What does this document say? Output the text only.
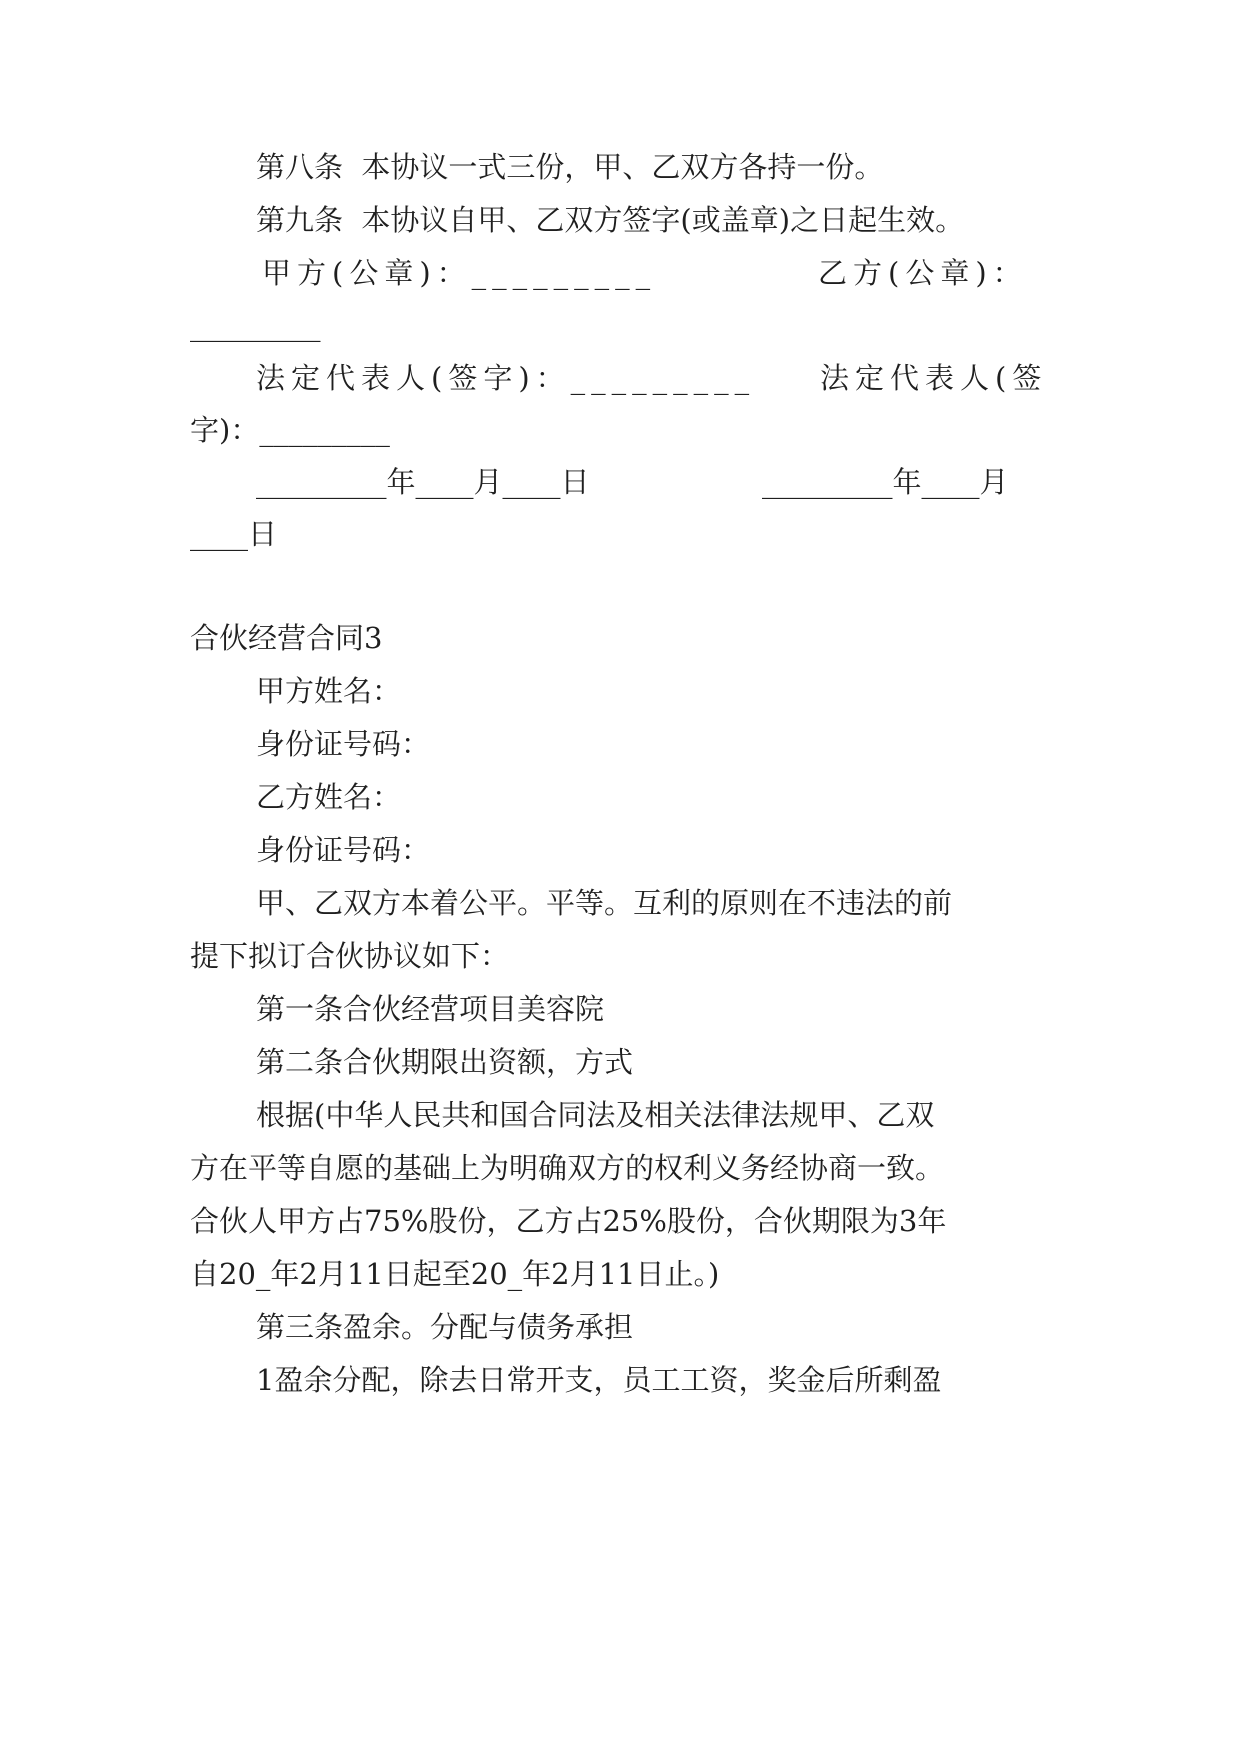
第八条  本协议一式三份，甲、乙双方各持一份。
第九条  本协议自甲、乙双方签字(或盖章)之日起生效。
甲方(公章)：_________	乙方(公章)：
_________
法定代表人(签字)：_________ 法定代表人(签
字)：_________
_________年____月____日	_________年____月
____日
合伙经营合同3
甲方姓名：
身份证号码：
乙方姓名：
身份证号码：
甲、乙双方本着公平。平等。互利的原则在不违法的前
提下拟订合伙协议如下：
第一条合伙经营项目美容院
第二条合伙期限出资额，方式
根据(中华人民共和国合同法及相关法律法规甲、乙双
方在平等自愿的基础上为明确双方的权利义务经协商一致。
合伙人甲方占75%股份，乙方占25%股份，合伙期限为3年
自20_年2月11日起至20_年2月11日止。)
第三条盈余。分配与债务承担
1盈余分配，除去日常开支，员工工资，奖金后所剩盈
